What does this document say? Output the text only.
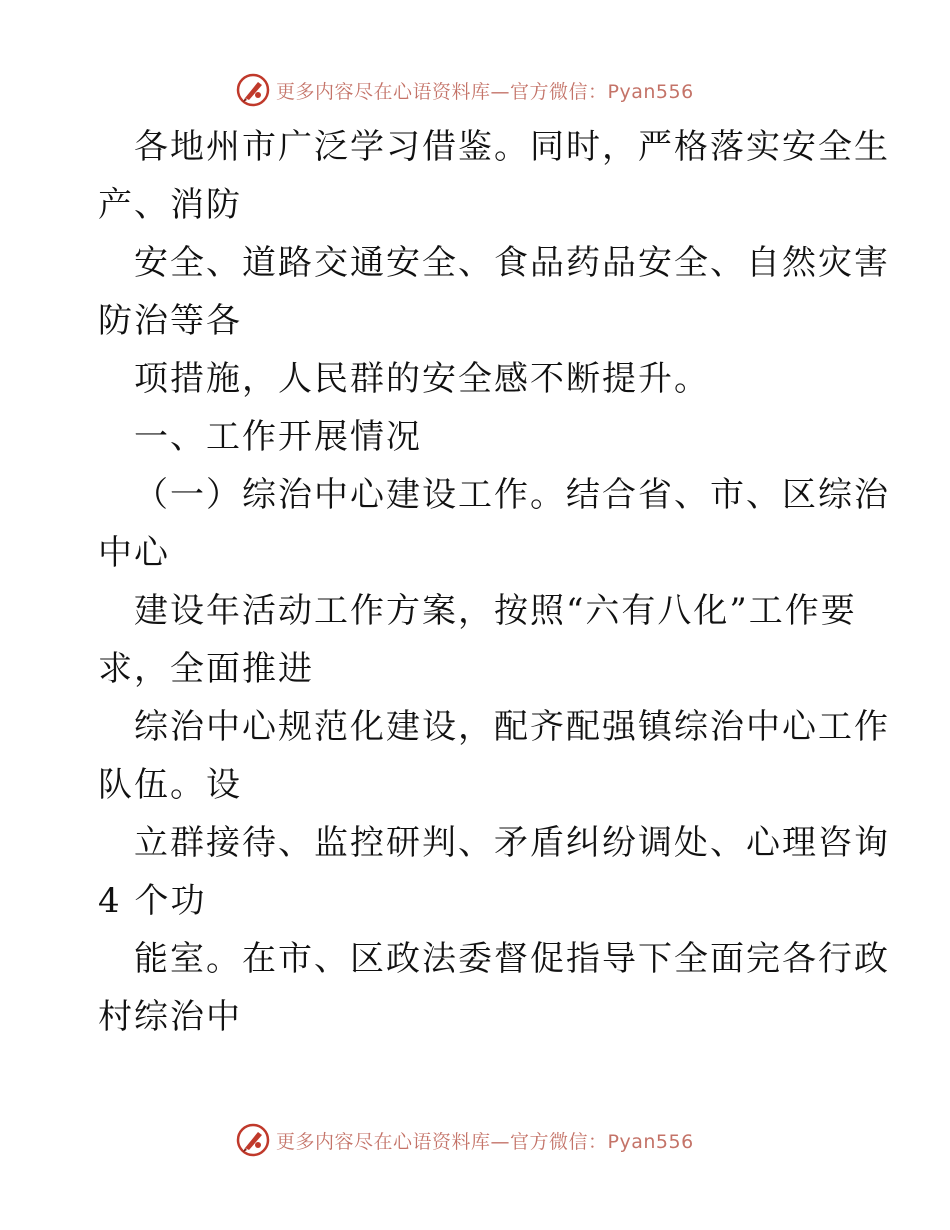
更多内容尽在心语资料库—官方微信：Pyan556
各地州市广泛学习借鉴。同时，严格落实安全生
产、消防
安全、道路交通安全、食品药品安全、自然灾害
防治等各
项措施，人民群的安全感不断提升。
一、工作开展情况
（一）综治中心建设工作。结合省、市、区综治
中心
建设年活动工作方案，按照“六有八化”工作要
求，全面推进
综治中心规范化建设，配齐配强镇综治中心工作
队伍。设
立群接待、监控研判、矛盾纠纷调处、心理咨询
4 个功
能室。在市、区政法委督促指导下全面完各行政
村综治中
更多内容尽在心语资料库—官方微信：Pyan556
